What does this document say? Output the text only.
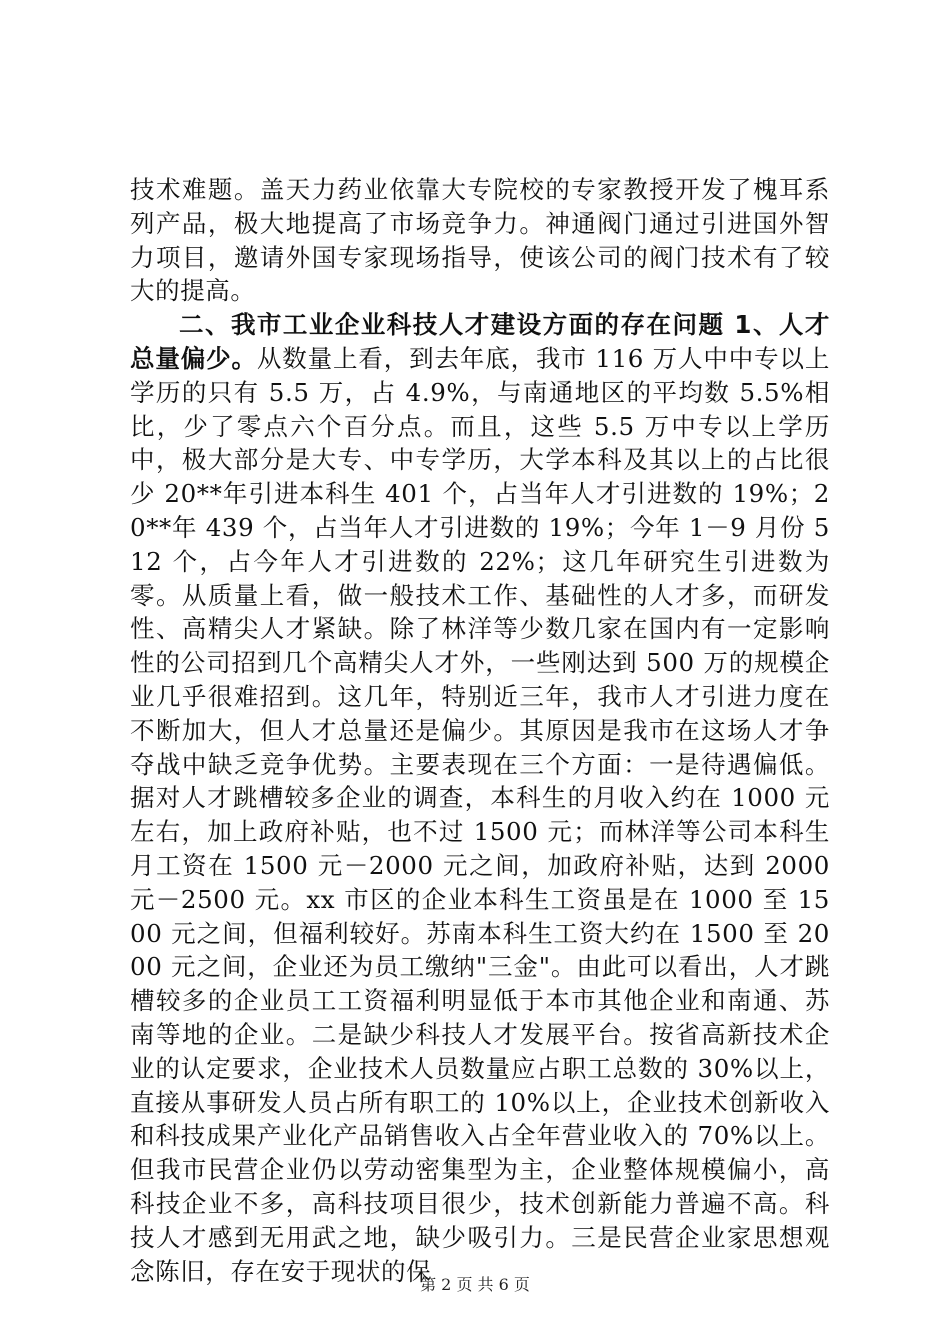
技术难题。盖天力药业依靠大专院校的专家教授开发了槐耳系列产品，极大地提高了市场竞争力。神通阀门通过引进国外智力项目，邀请外国专家现场指导，使该公司的阀门技术有了较大的提高。

二、我市工业企业科技人才建设方面的存在问题 1、人才总量偏少。从数量上看，到去年底，我市 116 万人中中专以上学历的只有 5.5 万，占 4.9%，与南通地区的平均数 5.5%相比，少了零点六个百分点。而且，这些 5.5 万中专以上学历中，极大部分是大专、中专学历，大学本科及其以上的占比很少 20**年引进本科生 401 个，占当年人才引进数的 19%；20**年 439 个，占当年人才引进数的 19%；今年 1－9 月份 512 个，占今年人才引进数的 22%；这几年研究生引进数为零。从质量上看，做一般技术工作、基础性的人才多，而研发性、高精尖人才紧缺。除了林洋等少数几家在国内有一定影响性的公司招到几个高精尖人才外，一些刚达到 500 万的规模企业几乎很难招到。这几年，特别近三年，我市人才引进力度在不断加大，但人才总量还是偏少。其原因是我市在这场人才争夺战中缺乏竞争优势。主要表现在三个方面：一是待遇偏低。据对人才跳槽较多企业的调查，本科生的月收入约在 1000 元左右，加上政府补贴，也不过 1500 元；而林洋等公司本科生月工资在 1500 元－2000 元之间，加政府补贴，达到 2000 元－2500 元。xx 市区的企业本科生工资虽是在 1000 至 1500 元之间，但福利较好。苏南本科生工资大约在 1500 至 2000 元之间，企业还为员工缴纳"三金"。由此可以看出，人才跳槽较多的企业员工工资福利明显低于本市其他企业和南通、苏南等地的企业。二是缺少科技人才发展平台。按省高新技术企业的认定要求，企业技术人员数量应占职工总数的 30%以上，直接从事研发人员占所有职工的 10%以上，企业技术创新收入和科技成果产业化产品销售收入占全年营业收入的 70%以上。但我市民营企业仍以劳动密集型为主，企业整体规模偏小，高科技企业不多，高科技项目很少，技术创新能力普遍不高。科技人才感到无用武之地，缺少吸引力。三是民营企业家思想观念陈旧，存在安于现状的保

第 2 页 共 6 页
